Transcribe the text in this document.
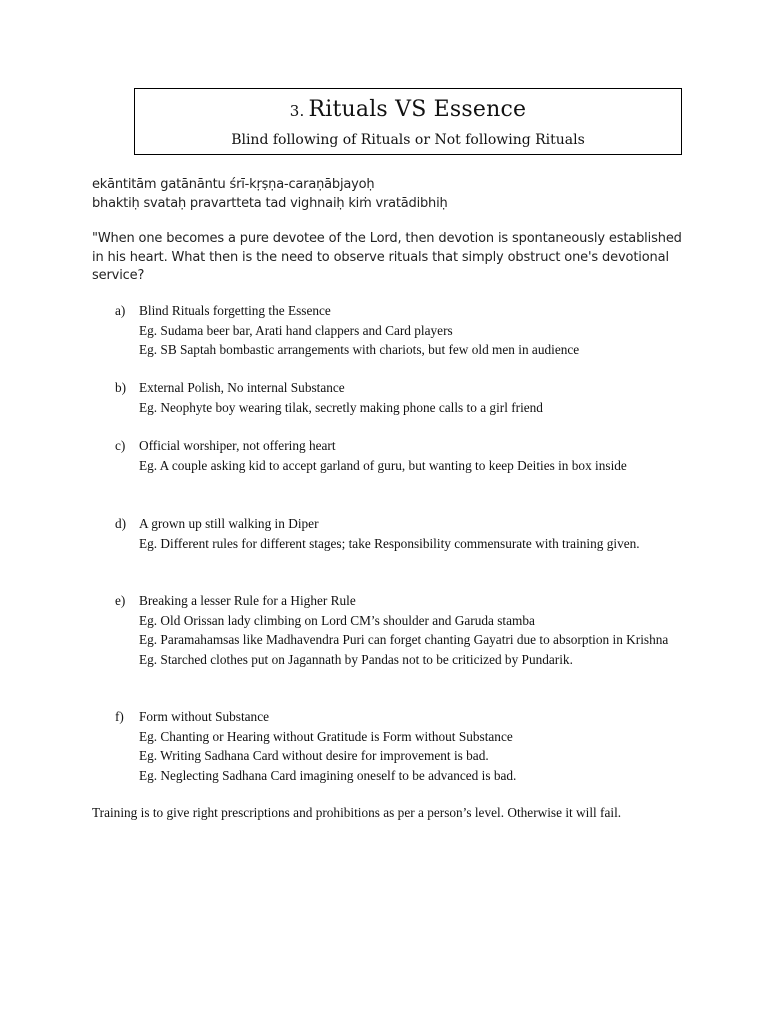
3. Rituals VS Essence
Blind following of Rituals or Not following Rituals
ekāntitām gatānāntu śrī-kṛṣṇa-caraṇābjayoḥ
bhaktiḥ svataḥ pravartteta tad vighnaiḥ kiṁ vratādibhiḥ
"When one becomes a pure devotee of the Lord, then devotion is spontaneously established in his heart. What then is the need to observe rituals that simply obstruct one's devotional service?
a) Blind Rituals forgetting the Essence
Eg. Sudama beer bar, Arati hand clappers and Card players
Eg. SB Saptah bombastic arrangements with chariots, but few old men in audience
b) External Polish, No internal Substance
Eg. Neophyte boy wearing tilak, secretly making phone calls to a girl friend
c) Official worshiper, not offering heart
Eg. A couple asking kid to accept garland of guru, but wanting to keep Deities in box inside
d) A grown up still walking in Diper
Eg. Different rules for different stages; take Responsibility commensurate with training given.
e) Breaking a lesser Rule for a Higher Rule
Eg. Old Orissan lady climbing on Lord CM’s shoulder and Garuda stamba
Eg. Paramahamsas like Madhavendra Puri can forget chanting Gayatri due to absorption in Krishna
Eg. Starched clothes put on Jagannath by Pandas not to be criticized by Pundarik.
f) Form without Substance
Eg. Chanting or Hearing without Gratitude is Form without Substance
Eg. Writing Sadhana Card without desire for improvement is bad.
Eg. Neglecting Sadhana Card imagining oneself to be advanced is bad.
Training is to give right prescriptions and prohibitions as per a person’s level. Otherwise it will fail.
